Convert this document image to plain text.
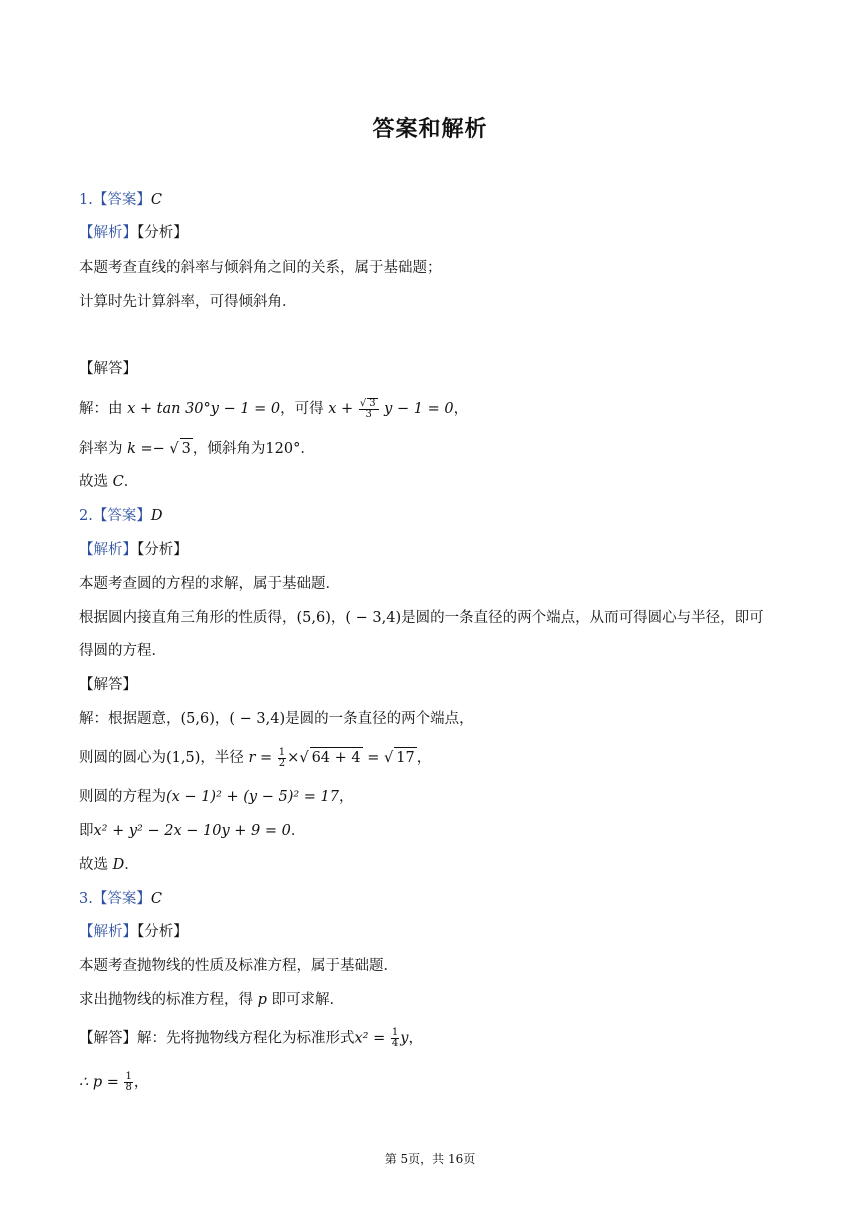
答案和解析
1.【答案】C
【解析】【分析】
本题考查直线的斜率与倾斜角之间的关系，属于基础题；
计算时先计算斜率，可得倾斜角．
【解答】
解：由 x + tan 30°y − 1 = 0，可得 $x + \frac{√ 3}{3}$ y − 1 = 0，
斜率为 k =− √ 3 ，倾斜角为120°．
故选 C．
2.【答案】D
【解析】【分析】
本题考查圆的方程的求解，属于基础题．
根据圆内接直角三角形的性质得，(5,6)，( − 3,4)是圆的一条直径的两个端点，从而可得圆心与半径，即可
得圆的方程．
【解答】
解：根据题意，(5,6)，( − 3,4)是圆的一条直径的两个端点，
则圆的圆心为(1,5)，半径 $r = \frac{1}{2}$ ×√ 64 + 4 = √ 17 ，
则圆的方程为(x − 1)² + (y − 5)² = 17，
即x² + y² − 2x − 10y + 9 = 0．
故选 D．
3.【答案】C
【解析】【分析】
本题考查抛物线的性质及标准方程，属于基础题．
求出抛物线的标准方程，得 p 即可求解．
【解答】解：先将抛物线方程化为标准形式$x^2 = \frac{1}{4}$ y，
∴ $p = \frac{1}{8}$ ，
第 5页，共 16页
